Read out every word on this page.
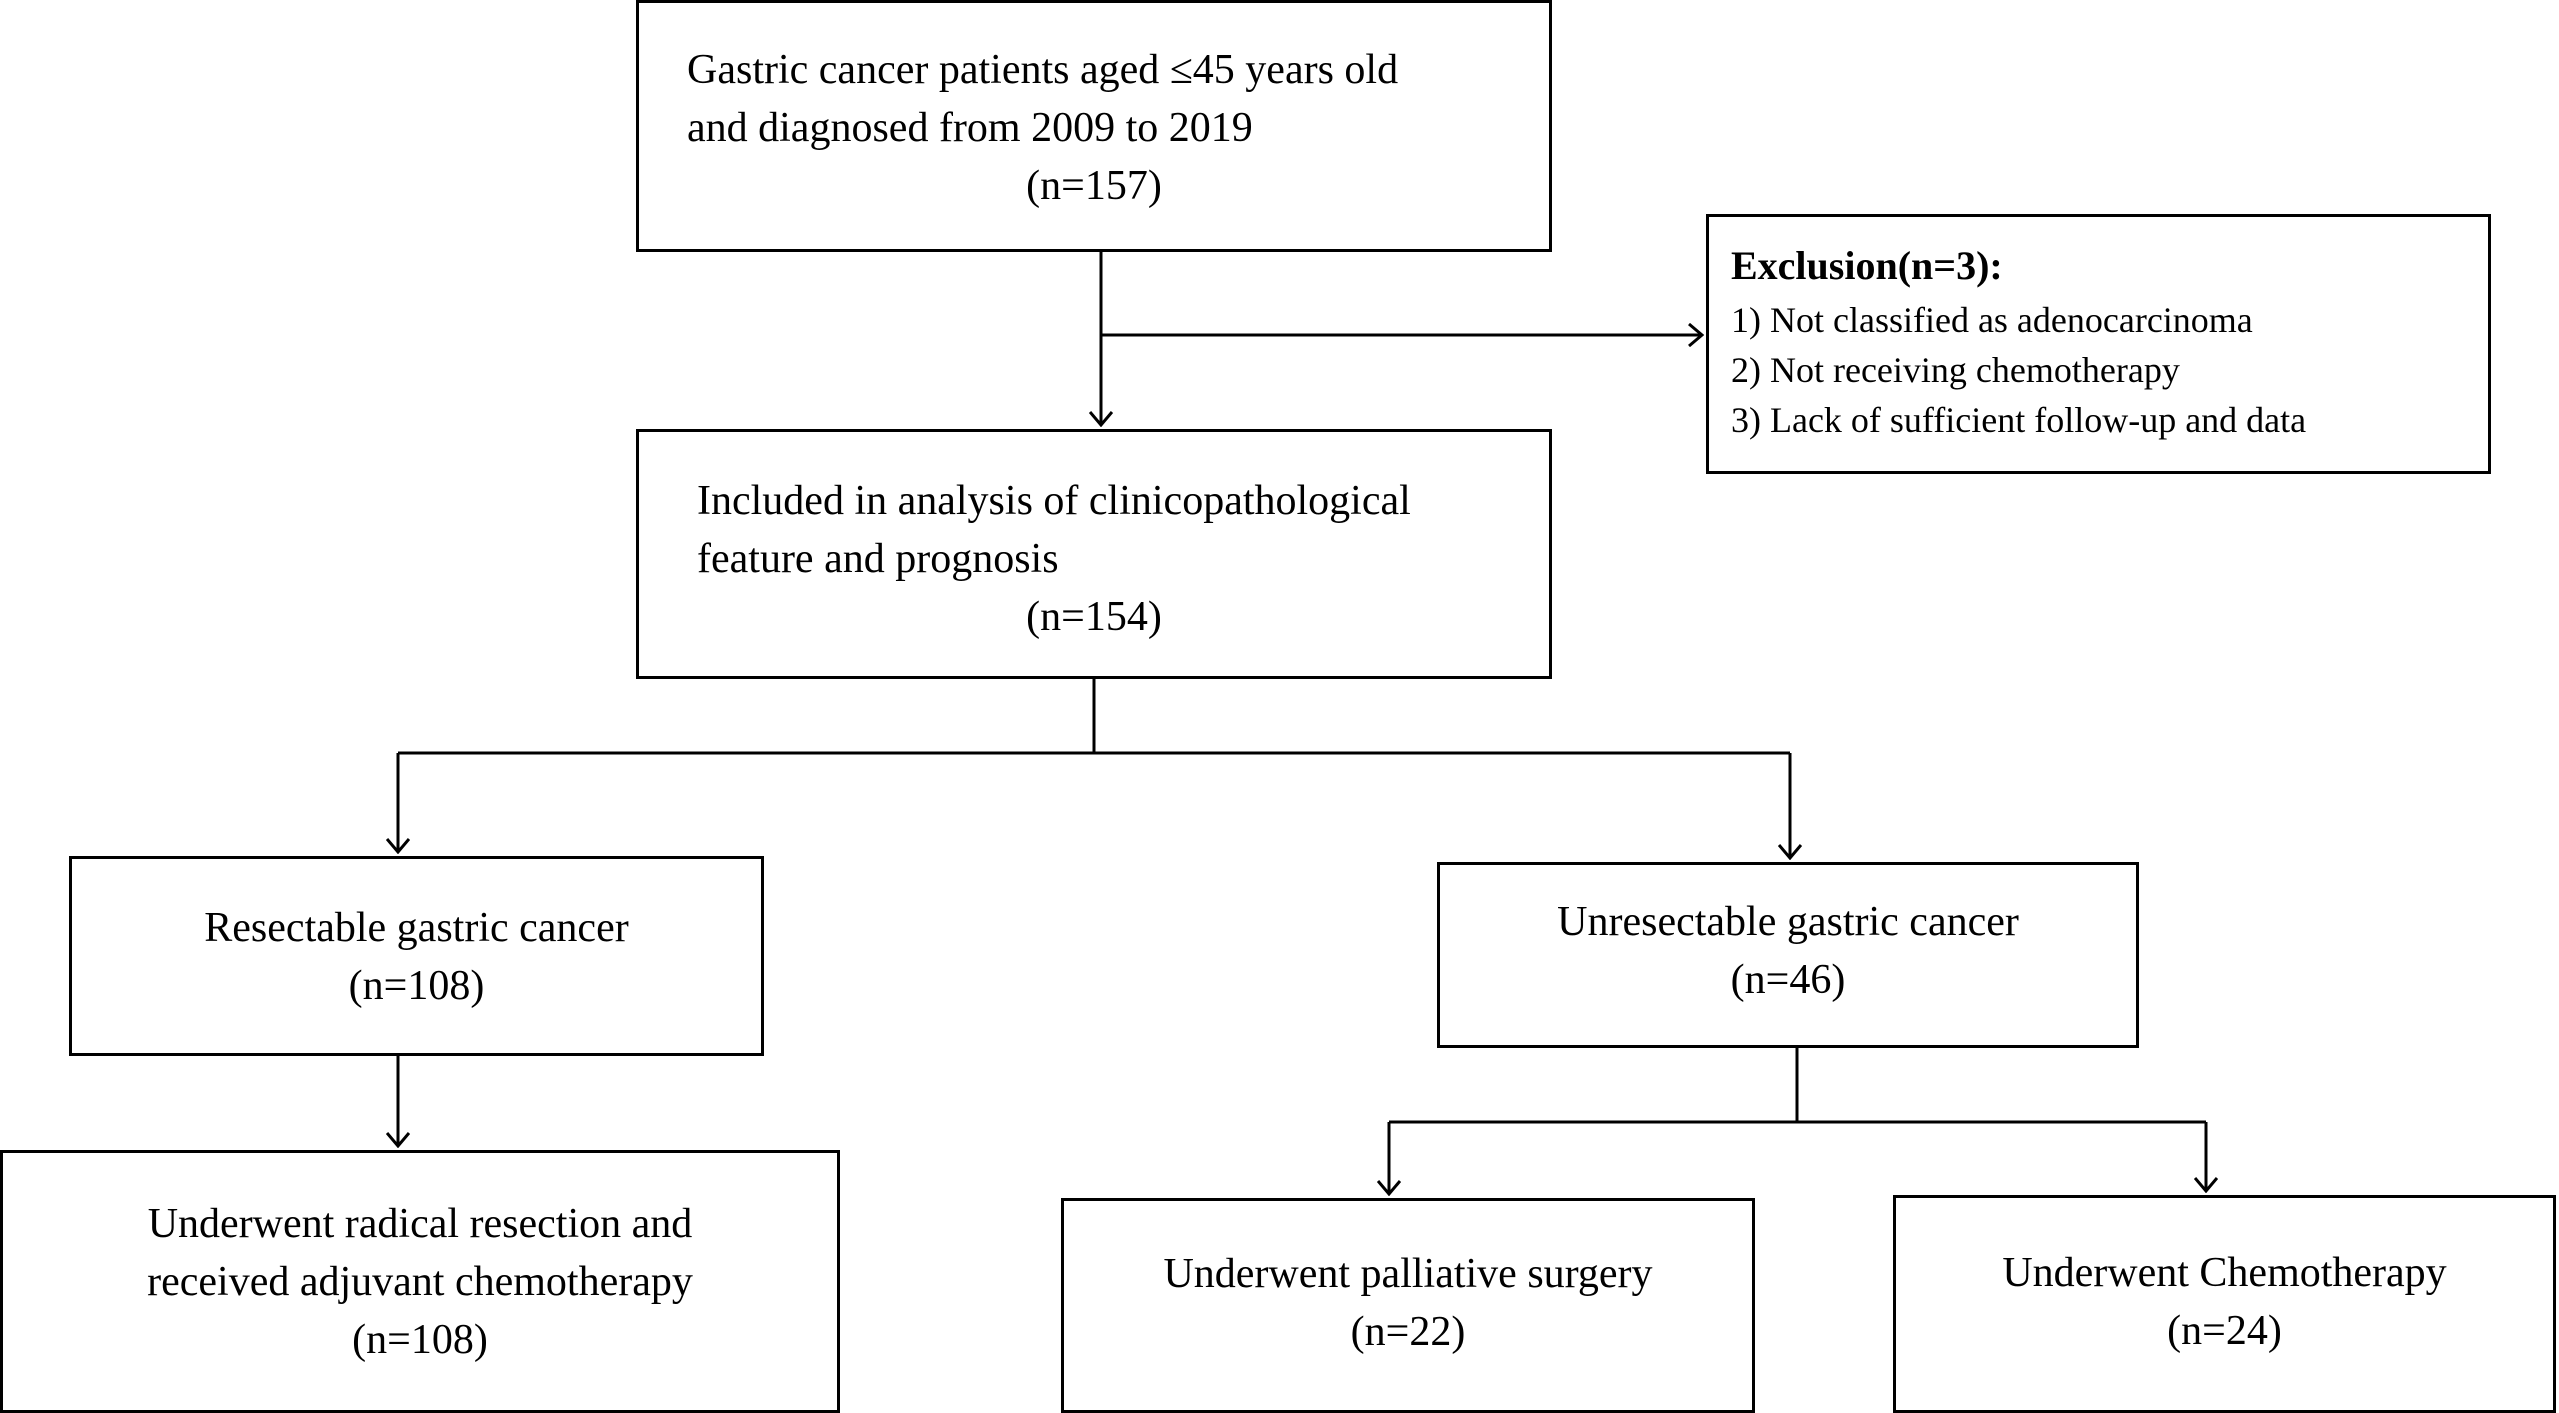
Gastric cancer patients aged ≤45 years old
and diagnosed from 2009 to 2019
(n=157)
Exclusion(n=3):
1) Not classified as adenocarcinoma
2) Not receiving chemotherapy
3) Lack of sufficient follow-up and data
Included in analysis of clinicopathological
feature and prognosis
(n=154)
Resectable gastric cancer
(n=108)
Unresectable gastric cancer
(n=46)
Underwent radical resection and
received adjuvant chemotherapy
(n=108)
Underwent palliative surgery
(n=22)
Underwent Chemotherapy
(n=24)
